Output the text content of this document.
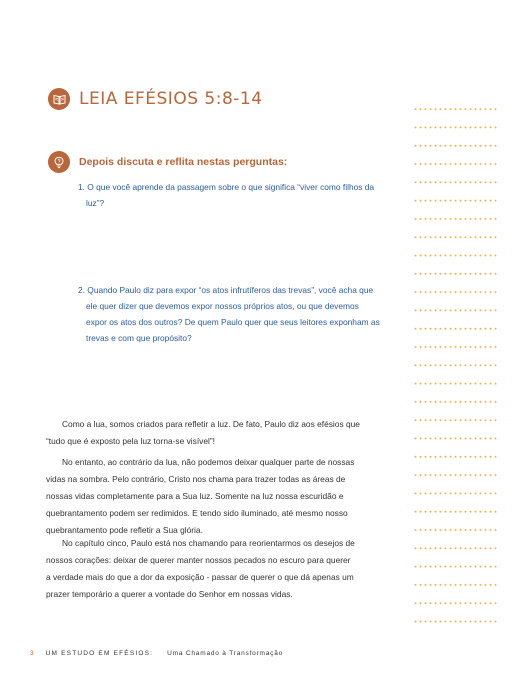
LEIA EFÉSIOS 5:8-14
Depois discuta e reflita nestas perguntas:
1. O que você aprende da passagem sobre o que significa “viver como filhos da
luz”?
2. Quando Paulo diz para expor “os atos infrutíferos das trevas”, você acha que
ele quer dizer que devemos expor nossos próprios atos, ou que devemos
expor os atos dos outros? De quem Paulo quer que seus leitores exponham as
trevas e com que propósito?
Como a lua, somos criados para refletir a luz. De fato, Paulo diz aos efésios que
“tudo que é exposto pela luz torna-se visível”!
No entanto, ao contrário da lua, não podemos deixar qualquer parte de nossas
vidas na sombra. Pelo contrário, Cristo nos chama para trazer todas as áreas de
nossas vidas completamente para a Sua luz. Somente na luz nossa escuridão e
quebrantamento podem ser redimidos. E tendo sido iluminado, até mesmo nosso
quebrantamento pode refletir a Sua glória.
No capítulo cinco, Paulo está nos chamando para reorientarmos os desejos de
nossos corações: deixar de querer manter nossos pecados no escuro para querer
a verdade mais do que a dor da exposição - passar de querer o que dá apenas um
prazer temporário a querer a vontade do Senhor em nossas vidas.
3 UM ESTUDO EM EFÉSIOS: Uma Chamado à Transformação
